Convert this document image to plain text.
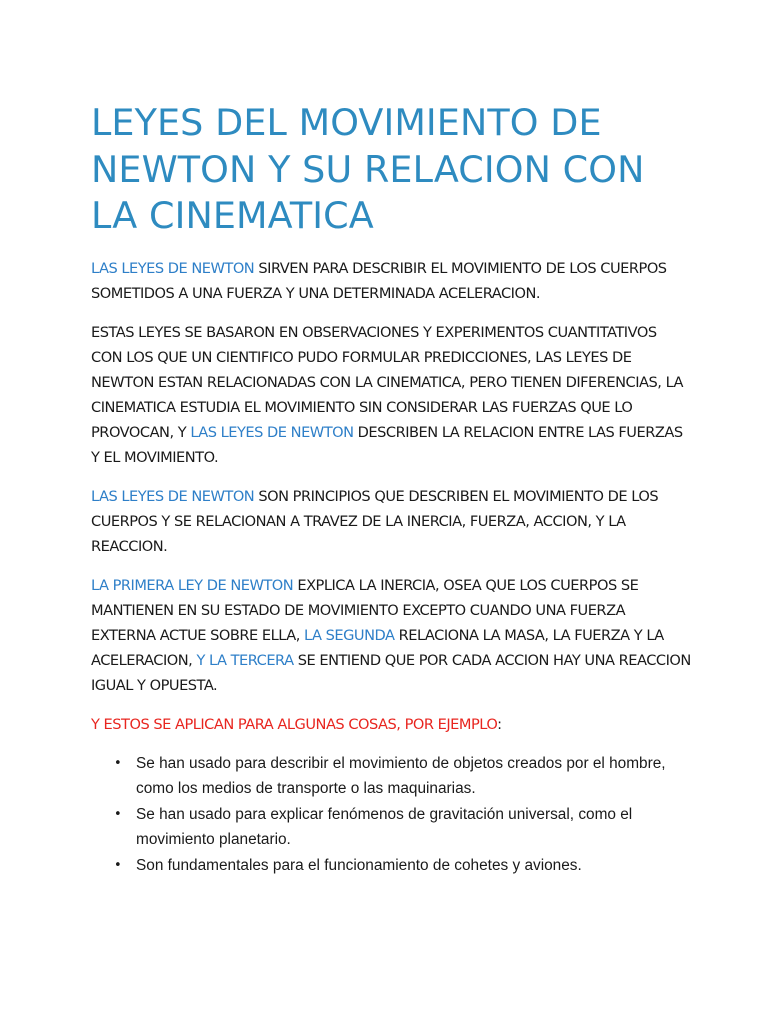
LEYES DEL MOVIMIENTO DE NEWTON Y SU RELACION CON LA CINEMATICA

LAS LEYES DE NEWTON SIRVEN PARA DESCRIBIR EL MOVIMIENTO DE LOS CUERPOS SOMETIDOS A UNA FUERZA Y UNA DETERMINADA ACELERACION.

ESTAS LEYES SE BASARON EN OBSERVACIONES Y EXPERIMENTOS CUANTITATIVOS CON LOS QUE UN CIENTIFICO PUDO FORMULAR PREDICCIONES, LAS LEYES DE NEWTON ESTAN RELACIONADAS CON LA CINEMATICA, PERO TIENEN DIFERENCIAS, LA CINEMATICA ESTUDIA EL MOVIMIENTO SIN CONSIDERAR LAS FUERZAS QUE LO PROVOCAN, Y LAS LEYES DE NEWTON DESCRIBEN LA RELACION ENTRE LAS FUERZAS Y EL MOVIMIENTO.

LAS LEYES DE NEWTON SON PRINCIPIOS QUE DESCRIBEN EL MOVIMIENTO DE LOS CUERPOS Y SE RELACIONAN A TRAVEZ DE LA INERCIA, FUERZA, ACCION, Y LA REACCION.

LA PRIMERA LEY DE NEWTON EXPLICA LA INERCIA, OSEA QUE LOS CUERPOS SE MANTIENEN EN SU ESTADO DE MOVIMIENTO EXCEPTO CUANDO UNA FUERZA EXTERNA ACTUE SOBRE ELLA, LA SEGUNDA RELACIONA LA MASA, LA FUERZA Y LA ACELERACION, Y LA TERCERA SE ENTIEND QUE POR CADA ACCION HAY UNA REACCION IGUAL Y OPUESTA.

Y ESTOS SE APLICAN PARA ALGUNAS COSAS, POR EJEMPLO:

• Se han usado para describir el movimiento de objetos creados por el hombre, como los medios de transporte o las maquinarias.
• Se han usado para explicar fenómenos de gravitación universal, como el movimiento planetario.
• Son fundamentales para el funcionamiento de cohetes y aviones.
